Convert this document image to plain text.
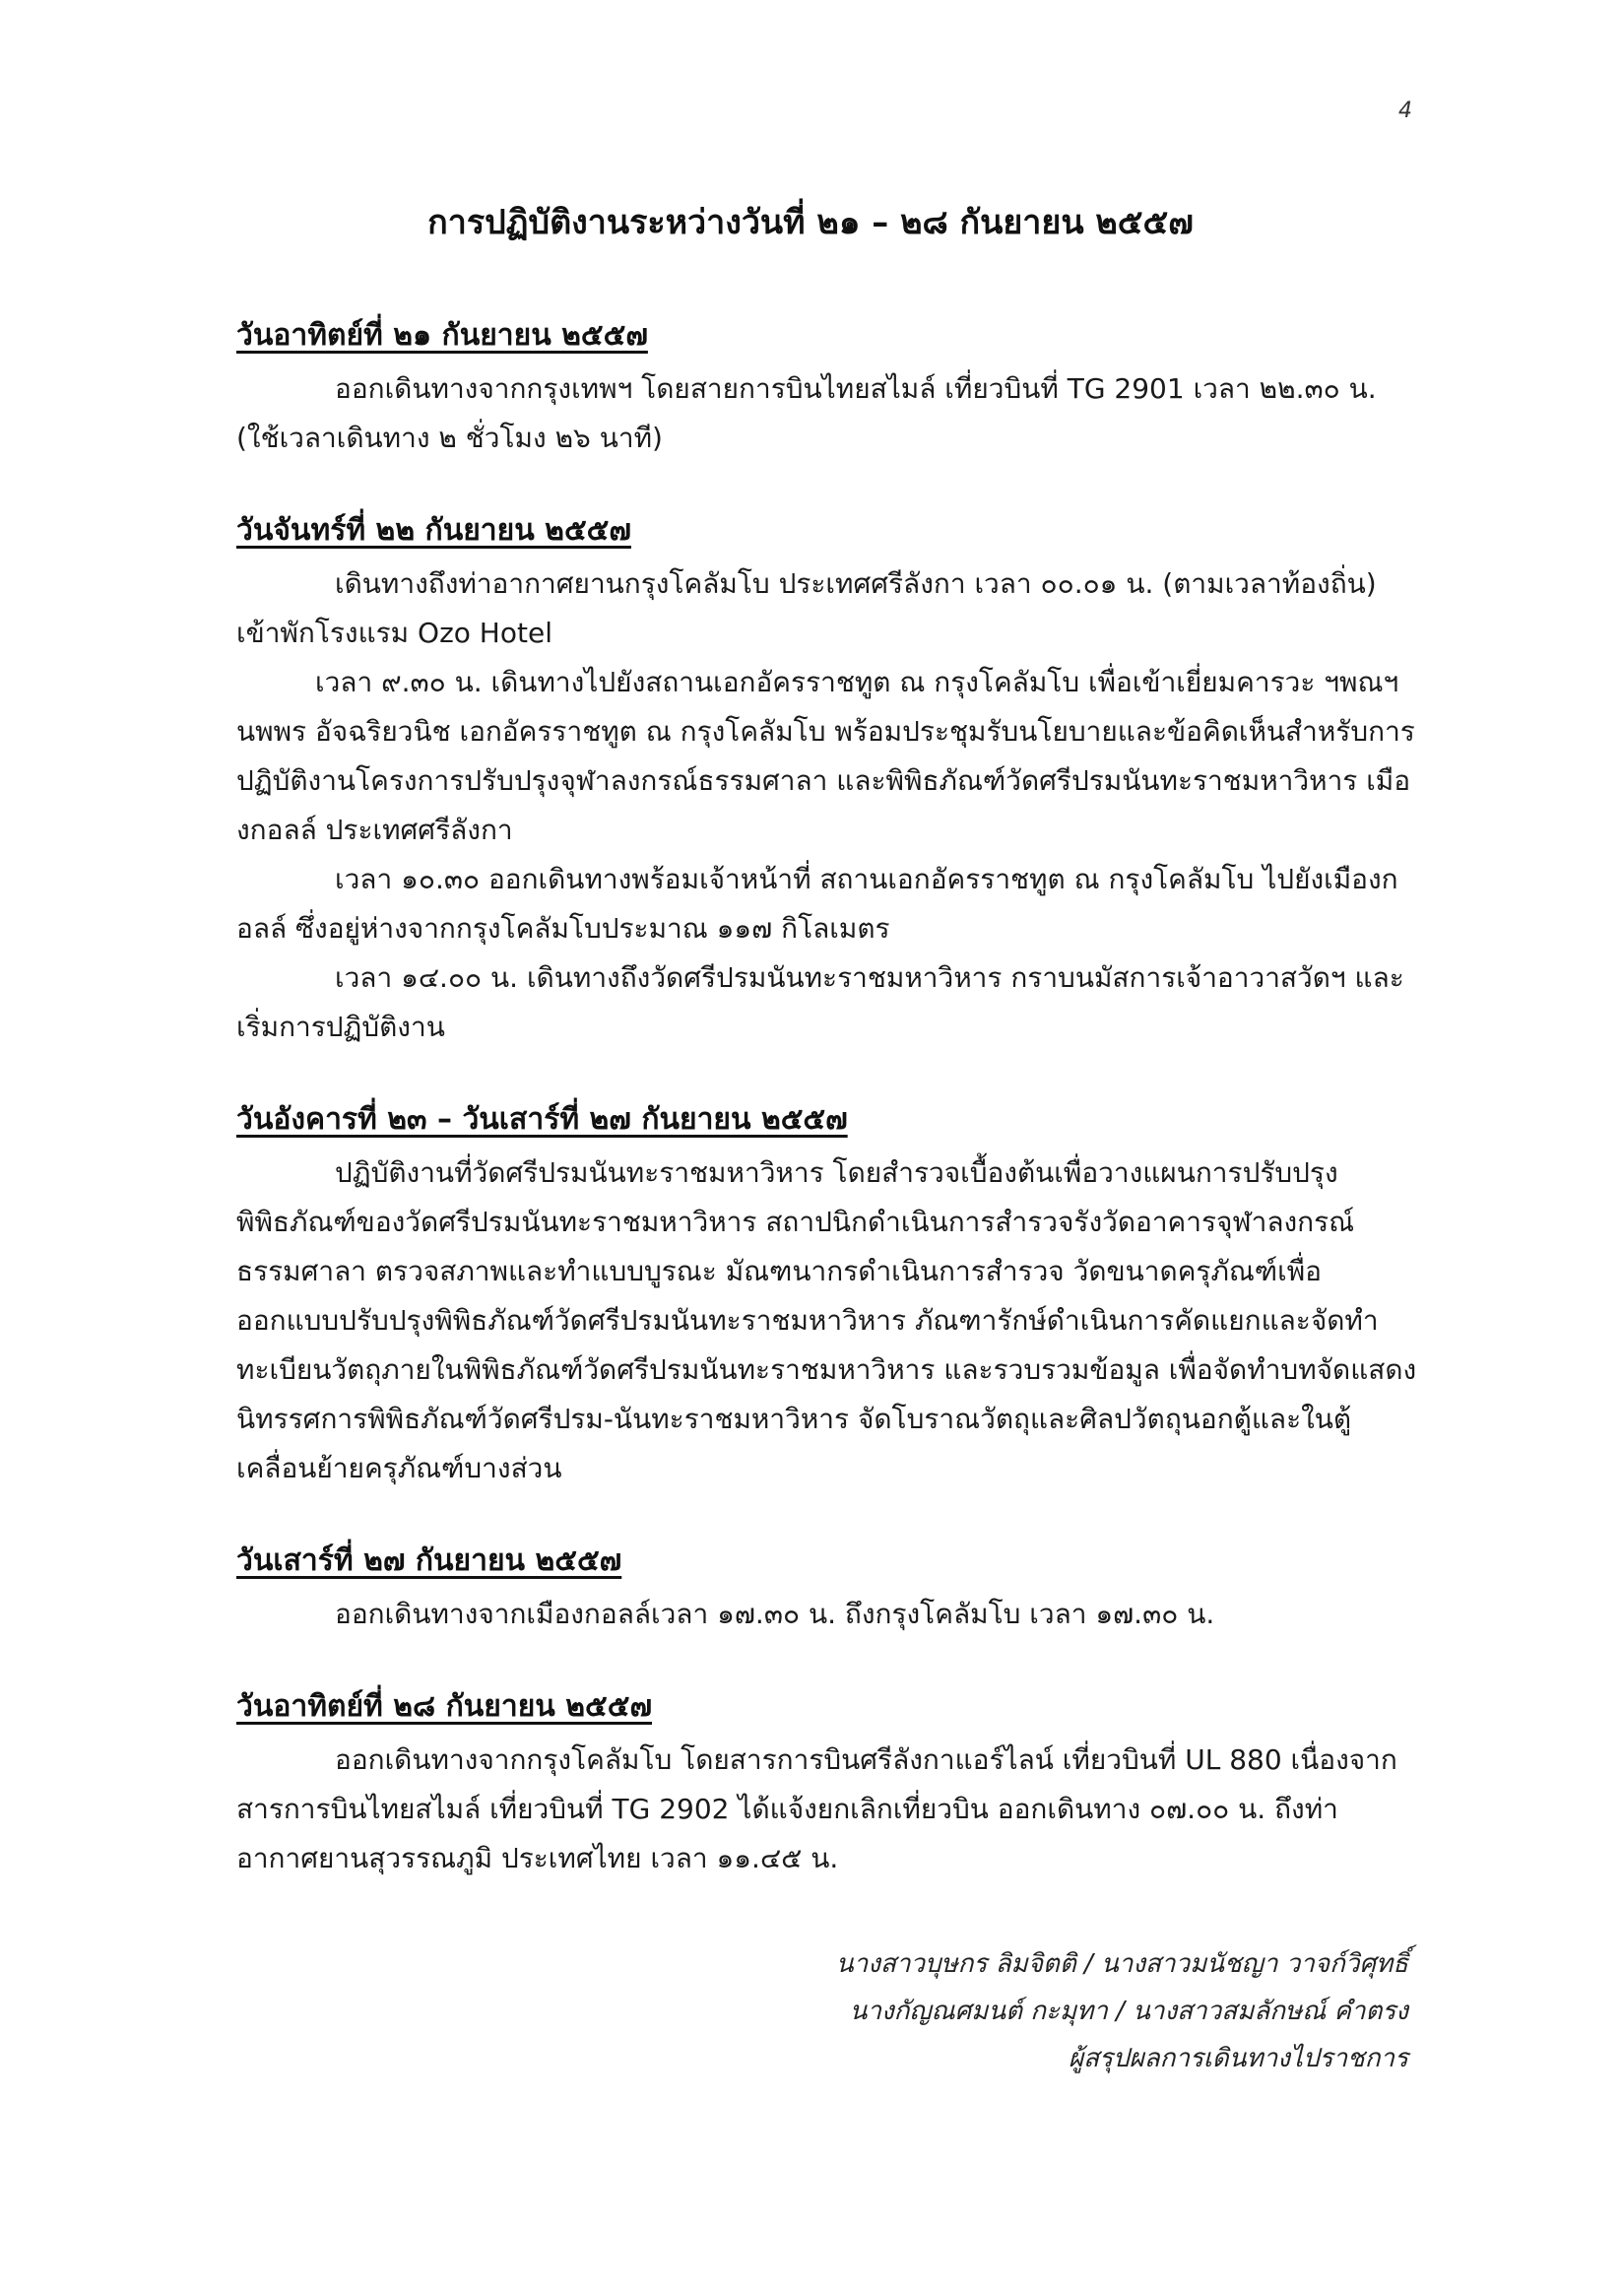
4
การปฏิบัติงานระหว่างวันที่ ๒๑ – ๒๘ กันยายน ๒๕๕๗

วันอาทิตย์ที่ ๒๑ กันยายน ๒๕๕๗

ออกเดินทางจากกรุงเทพฯ โดยสายการบินไทยสไมล์ เที่ยวบินที่ TG 2901 เวลา ๒๒.๓๐ น. (ใช้เวลาเดินทาง ๒ ชั่วโมง ๒๖ นาที)

วันจันทร์ที่ ๒๒ กันยายน ๒๕๕๗

เดินทางถึงท่าอากาศยานกรุงโคลัมโบ ประเทศศรีลังกา เวลา ๐๐.๐๑ น. (ตามเวลาท้องถิ่น) เข้าพักโรงแรม Ozo Hotel

เวลา ๙.๓๐ น. เดินทางไปยังสถานเอกอัครราชทูต ณ กรุงโคลัมโบ เพื่อเข้าเยี่ยมคารวะ ฯพณฯ นพพร อัจฉริยวนิช เอกอัครราชทูต ณ กรุงโคลัมโบ พร้อมประชุมรับนโยบายและข้อคิดเห็นสำหรับการปฏิบัติงานโครงการปรับปรุงจุฬาลงกรณ์ธรรมศาลา และพิพิธภัณฑ์วัดศรีปรมนันทะราชมหาวิหาร เมืองกอลล์ ประเทศศรีลังกา

เวลา ๑๐.๓๐ ออกเดินทางพร้อมเจ้าหน้าที่ สถานเอกอัครราชทูต ณ กรุงโคลัมโบ ไปยังเมืองกอลล์ ซึ่งอยู่ห่างจากกรุงโคลัมโบประมาณ ๑๑๗ กิโลเมตร

เวลา ๑๔.๐๐ น. เดินทางถึงวัดศรีปรมนันทะราชมหาวิหาร กราบนมัสการเจ้าอาวาสวัดฯ และเริ่มการปฏิบัติงาน

วันอังคารที่ ๒๓ – วันเสาร์ที่ ๒๗ กันยายน ๒๕๕๗

ปฏิบัติงานที่วัดศรีปรมนันทะราชมหาวิหาร โดยสำรวจเบื้องต้นเพื่อวางแผนการปรับปรุงพิพิธภัณฑ์ของวัดศรีปรมนันทะราชมหาวิหาร สถาปนิกดำเนินการสำรวจรังวัดอาคารจุฬาลงกรณ์ธรรมศาลา ตรวจสภาพและทำแบบบูรณะ มัณฑนากรดำเนินการสำรวจ วัดขนาดครุภัณฑ์เพื่อออกแบบปรับปรุงพิพิธภัณฑ์วัดศรีปรมนันทะราชมหาวิหาร ภัณฑารักษ์ดำเนินการคัดแยกและจัดทำทะเบียนวัตถุภายในพิพิธภัณฑ์วัดศรีปรมนันทะราชมหาวิหาร และรวบรวมข้อมูล เพื่อจัดทำบทจัดแสดง นิทรรศการพิพิธภัณฑ์วัดศรีปรม-นันทะราชมหาวิหาร จัดโบราณวัตถุและศิลปวัตถุนอกตู้และในตู้ เคลื่อนย้ายครุภัณฑ์บางส่วน

วันเสาร์ที่ ๒๗ กันยายน ๒๕๕๗

ออกเดินทางจากเมืองกอลล์เวลา ๑๗.๓๐ น. ถึงกรุงโคลัมโบ เวลา ๑๗.๓๐ น.

วันอาทิตย์ที่ ๒๘ กันยายน ๒๕๕๗

ออกเดินทางจากกรุงโคลัมโบ โดยสารการบินศรีลังกาแอร์ไลน์ เที่ยวบินที่ UL 880 เนื่องจากสารการบินไทยสไมล์ เที่ยวบินที่ TG 2902 ได้แจ้งยกเลิกเที่ยวบิน ออกเดินทาง ๐๗.๐๐ น. ถึงท่าอากาศยานสุวรรณภูมิ ประเทศไทย เวลา ๑๑.๔๕ น.

นางสาวบุษกร ลิมจิตติ / นางสาวมนัชญา วาจก์วิศุทธิ์
นางกัญณศมนต์ กะมุทา / นางสาวสมลักษณ์ คำตรง
ผู้สรุปผลการเดินทางไปราชการ
